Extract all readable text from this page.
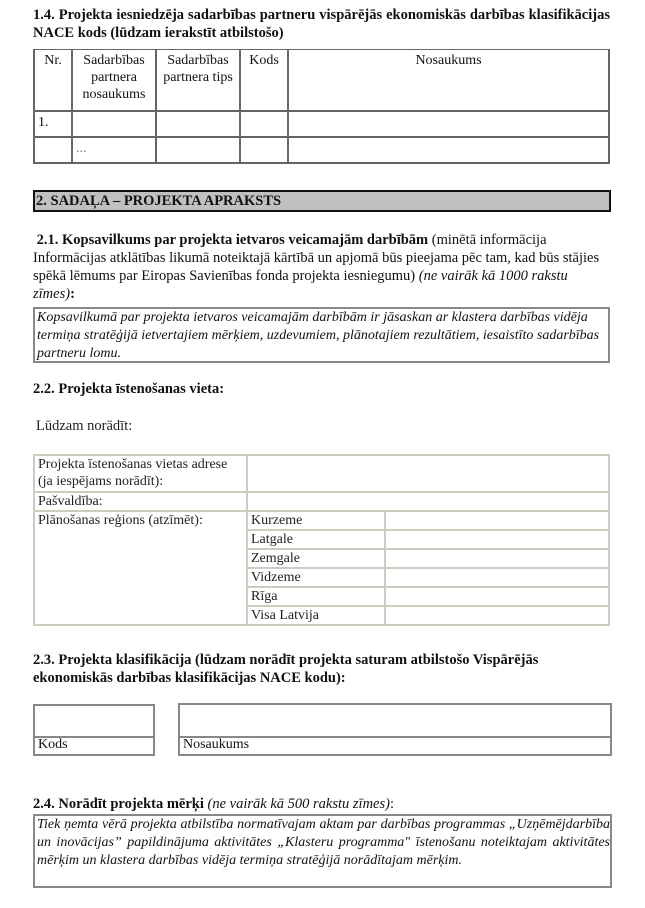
1.4. Projekta iesniedzēja sadarbības partneru vispārējās ekonomiskās darbības klasifikācijas NACE kods (lūdzam ierakstīt atbilstošo)
Nr.	Sadarbības partnera nosaukums	Sadarbības partnera tips	Kods	Nosaukums
1.				
	...			
2. SADAĻA – PROJEKTA APRAKSTS
2.1. Kopsavilkums par projekta ietvaros veicamajām darbībām (minētā informācija Informācijas atklātības likumā noteiktajā kārtībā un apjomā būs pieejama pēc tam, kad būs stājies spēkā lēmums par Eiropas Savienības fonda projekta iesniegumu) (ne vairāk kā 1000 rakstu zīmes):
Kopsavilkumā par projekta ietvaros veicamajām darbībām ir jāsaskan ar klastera darbības vidēja termiņa stratēģijā ietvertajiem mērķiem, uzdevumiem, plānotajiem rezultātiem, iesaistīto sadarbības partneru lomu.
2.2. Projekta īstenošanas vieta:
Lūdzam norādīt:
Projekta īstenošanas vietas adrese (ja iespējams norādīt):		
Pašvaldība:		
Plānošanas reģions (atzīmēt):	Kurzeme	
	Latgale	
	Zemgale	
	Vidzeme	
	Rīga	
	Visa Latvija	
2.3. Projekta klasifikācija (lūdzam norādīt projekta saturam atbilstošo Vispārējās ekonomiskās darbības klasifikācijas NACE kodu):
Kods	Nosaukums
2.4. Norādīt projekta mērķi (ne vairāk kā 500 rakstu zīmes):
Tiek ņemta vērā projekta atbilstība normatīvajam aktam par darbības programmas „Uzņēmējdarbība un inovācijas” papildinājuma aktivitātes „Klasteru programma" īstenošanu noteiktajam aktivitātes mērķim un klastera darbības vidēja termiņa stratēģijā norādītajam mērķim.
